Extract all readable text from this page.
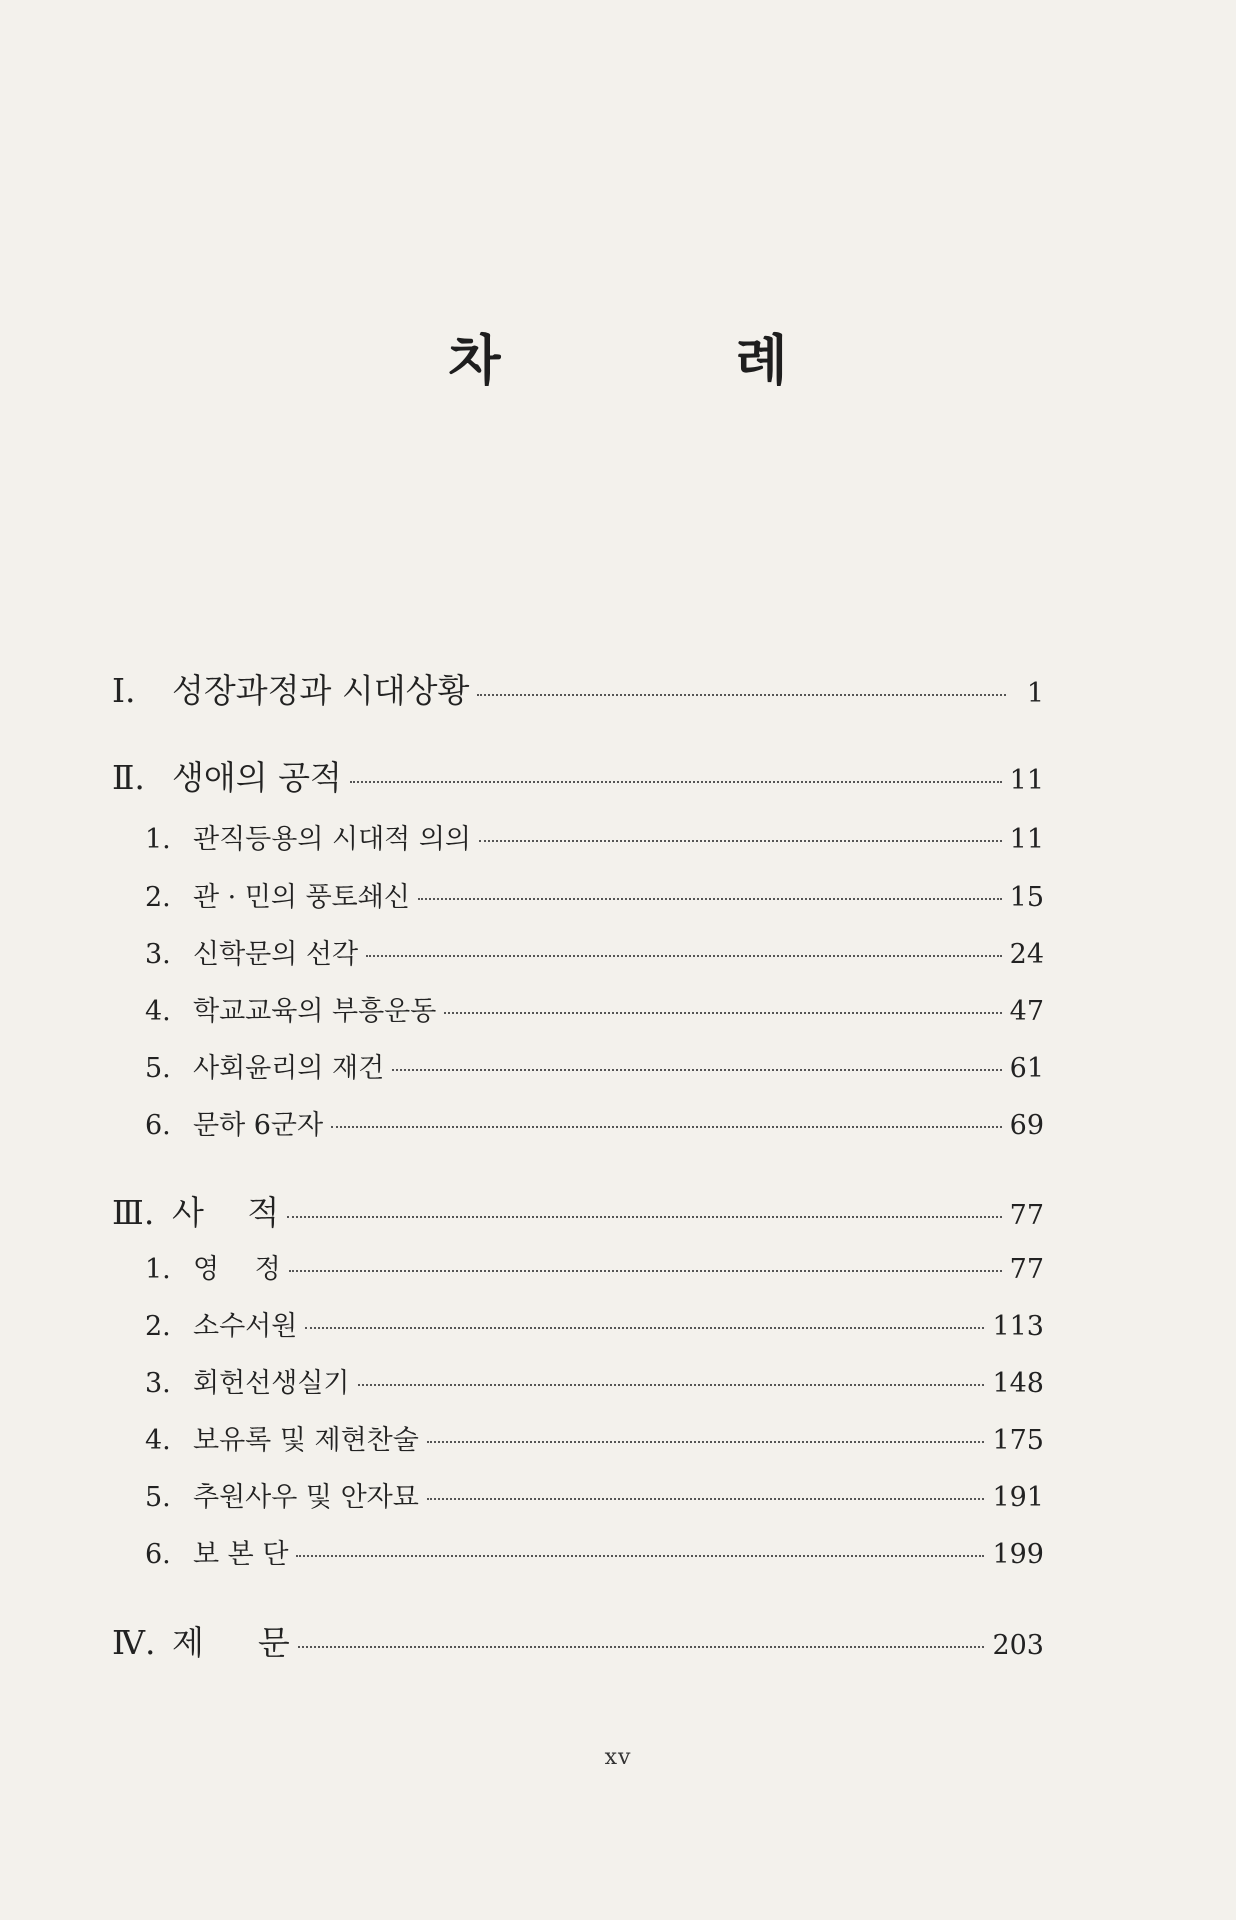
차 례
Ⅰ.	성장과정과 시대상황	1
Ⅱ. 생애의 공적	11
1. 관직등용의 시대적 의의	11
2. 관 · 민의 풍토쇄신	15
3. 신학문의 선각	24
4. 학교교육의 부흥운동	47
5. 사회윤리의 재건	61
6. 문하 6군자	69
Ⅲ. 사 　적	77
1. 영 　정	77
2. 소수서원	113
3. 회헌선생실기	148
4. 보유록 및 제현찬술	175
5. 추원사우 및 안자묘	191
6. 보 본 단	199
Ⅳ. 제 　 문	203
xv
